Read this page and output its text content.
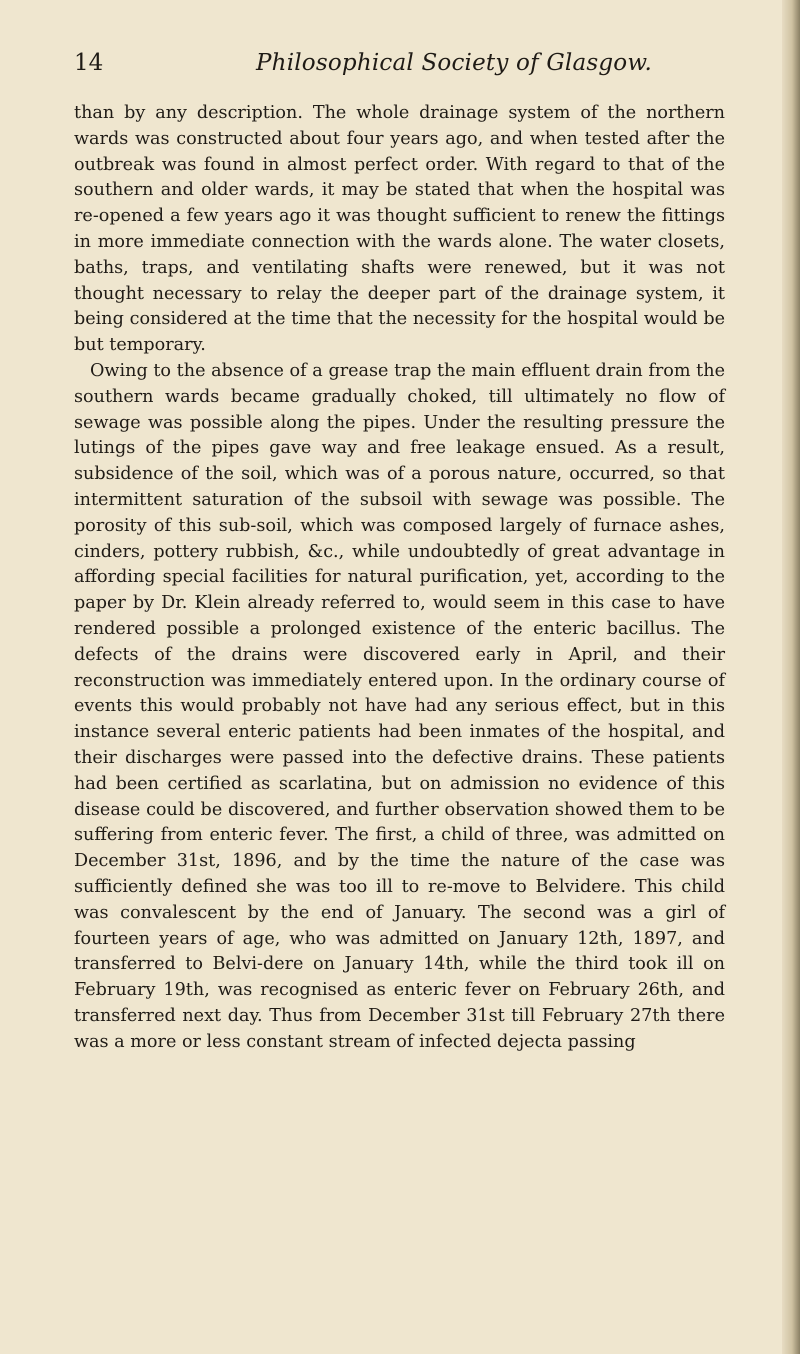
14	Philosophical Society of Glasgow.

than by any description. The whole drainage system of the northern wards was constructed about four years ago, and when tested after the outbreak was found in almost perfect order. With regard to that of the southern and older wards, it may be stated that when the hospital was re-opened a few years ago it was thought sufficient to renew the fittings in more immediate connection with the wards alone. The water closets, baths, traps, and ventilating shafts were renewed, but it was not thought necessary to relay the deeper part of the drainage system, it being considered at the time that the necessity for the hospital would be but temporary.

Owing to the absence of a grease trap the main effluent drain from the southern wards became gradually choked, till ultimately no flow of sewage was possible along the pipes. Under the resulting pressure the lutings of the pipes gave way and free leakage ensued. As a result, subsidence of the soil, which was of a porous nature, occurred, so that intermittent saturation of the subsoil with sewage was possible. The porosity of this sub-soil, which was composed largely of furnace ashes, cinders, pottery rubbish, &c., while undoubtedly of great advantage in affording special facilities for natural purification, yet, according to the paper by Dr. Klein already referred to, would seem in this case to have rendered possible a prolonged existence of the enteric bacillus. The defects of the drains were discovered early in April, and their reconstruction was immediately entered upon. In the ordinary course of events this would probably not have had any serious effect, but in this instance several enteric patients had been inmates of the hospital, and their discharges were passed into the defective drains. These patients had been certified as scarlatina, but on admission no evidence of this disease could be discovered, and further observation showed them to be suffering from enteric fever. The first, a child of three, was admitted on December 31st, 1896, and by the time the nature of the case was sufficiently defined she was too ill to re-move to Belvidere. This child was convalescent by the end of January. The second was a girl of fourteen years of age, who was admitted on January 12th, 1897, and transferred to Belvi-dere on January 14th, while the third took ill on February 19th, was recognised as enteric fever on February 26th, and transferred next day. Thus from December 31st till February 27th there was a more or less constant stream of infected dejecta passing
